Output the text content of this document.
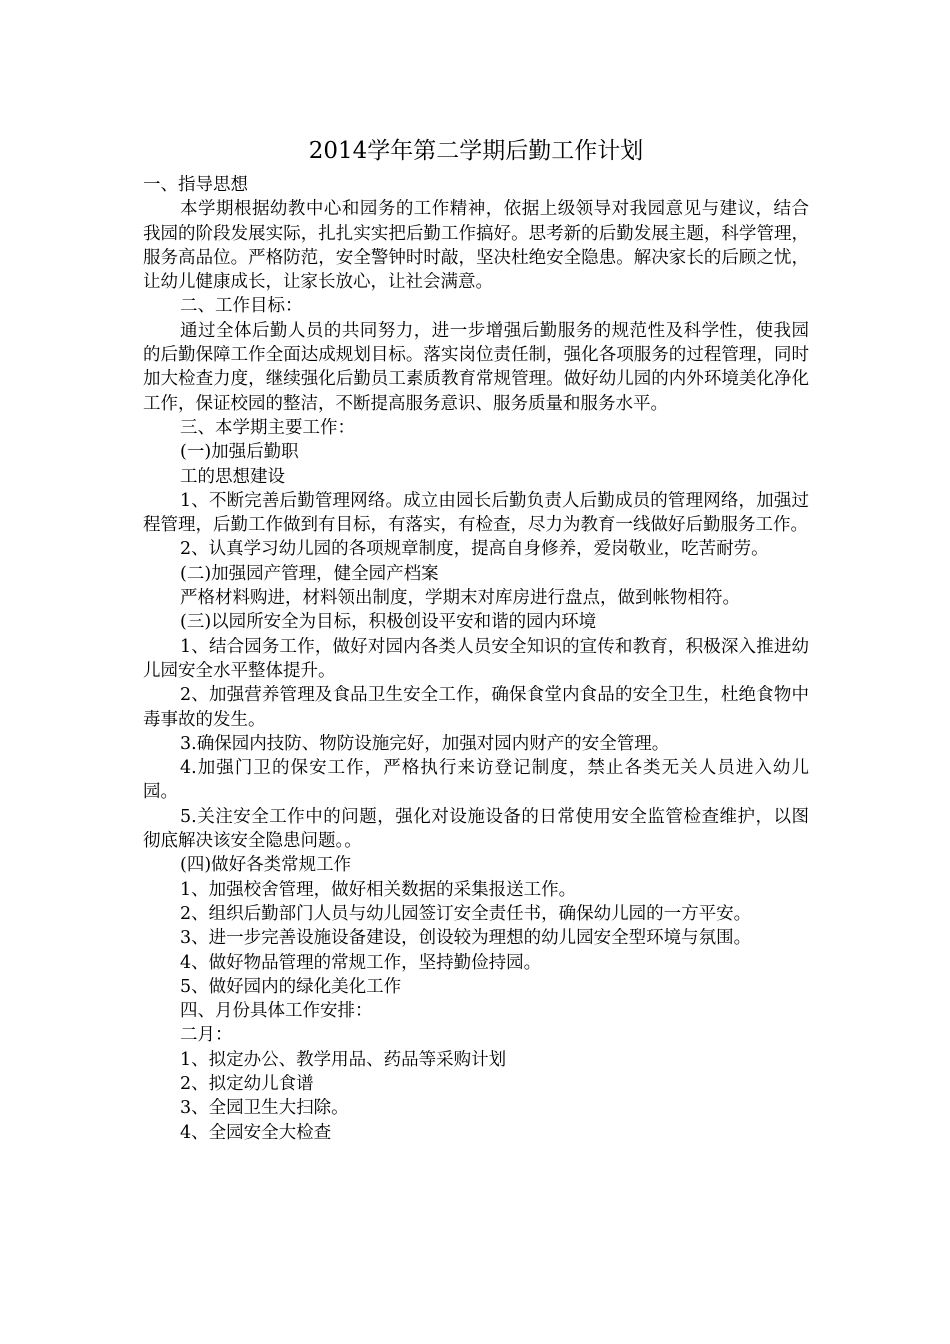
2014学年第二学期后勤工作计划

一、指导思想

本学期根据幼教中心和园务的工作精神，依据上级领导对我园意见与建议，结合我园的阶段发展实际，扎扎实实把后勤工作搞好。思考新的后勤发展主题，科学管理，服务高品位。严格防范，安全警钟时时敲，坚决杜绝安全隐患。解决家长的后顾之忧，让幼儿健康成长，让家长放心，让社会满意。

二、工作目标：

通过全体后勤人员的共同努力，进一步增强后勤服务的规范性及科学性，使我园的后勤保障工作全面达成规划目标。落实岗位责任制，强化各项服务的过程管理，同时加大检查力度，继续强化后勤员工素质教育常规管理。做好幼儿园的内外环境美化净化工作，保证校园的整洁，不断提高服务意识、服务质量和服务水平。

三、本学期主要工作：

(一)加强后勤职

工的思想建设

1、不断完善后勤管理网络。成立由园长后勤负责人后勤成员的管理网络，加强过程管理，后勤工作做到有目标，有落实，有检查，尽力为教育一线做好后勤服务工作。

2、认真学习幼儿园的各项规章制度，提高自身修养，爱岗敬业，吃苦耐劳。

(二)加强园产管理，健全园产档案

严格材料购进，材料领出制度，学期末对库房进行盘点，做到帐物相符。

(三)以园所安全为目标，积极创设平安和谐的园内环境

1、结合园务工作，做好对园内各类人员安全知识的宣传和教育，积极深入推进幼儿园安全水平整体提升。

2、加强营养管理及食品卫生安全工作，确保食堂内食品的安全卫生，杜绝食物中毒事故的发生。

3.确保园内技防、物防设施完好，加强对园内财产的安全管理。

4.加强门卫的保安工作，严格执行来访登记制度，禁止各类无关人员进入幼儿园。

5.关注安全工作中的问题，强化对设施设备的日常使用安全监管检查维护，以图彻底解决该安全隐患问题。。

(四)做好各类常规工作

1、加强校舍管理，做好相关数据的采集报送工作。

2、组织后勤部门人员与幼儿园签订安全责任书，确保幼儿园的一方平安。

3、进一步完善设施设备建设，创设较为理想的幼儿园安全型环境与氛围。

4、做好物品管理的常规工作，坚持勤俭持园。

5、做好园内的绿化美化工作

四、月份具体工作安排：

二月：

1、拟定办公、教学用品、药品等采购计划

2、拟定幼儿食谱

3、全园卫生大扫除。

4、全园安全大检查
